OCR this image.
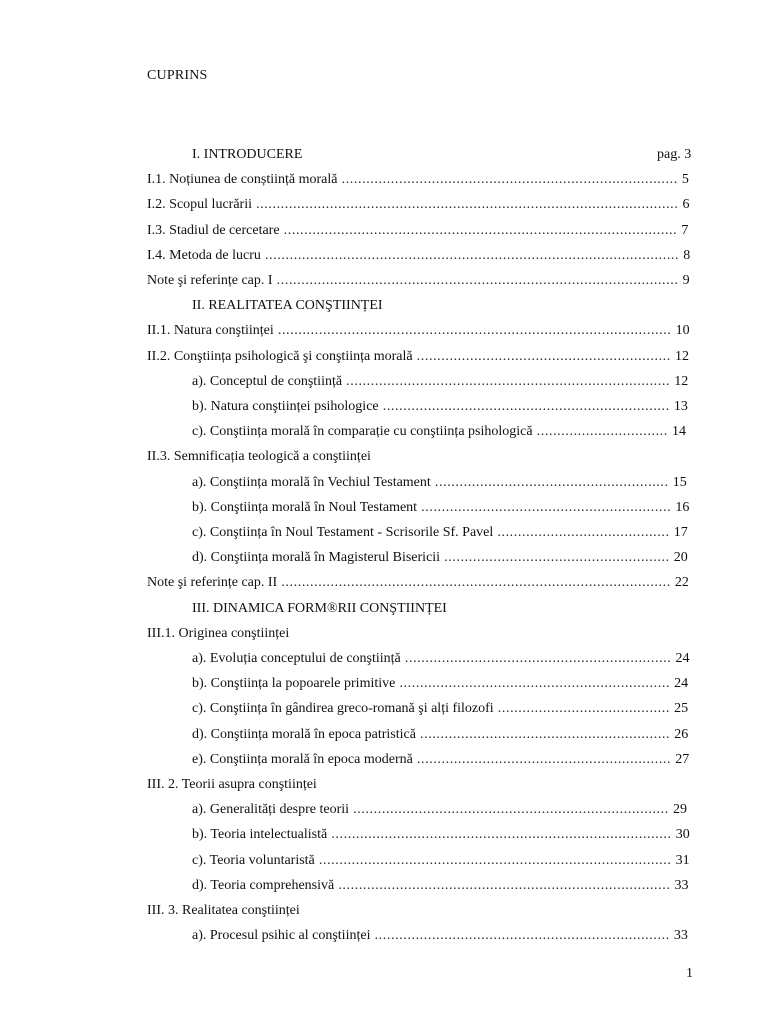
CUPRINS
pag. 3
I. INTRODUCERE
I.1. Noțiunea de conștiință morală .................................................................................. 5
I.2. Scopul lucrării ....................................................................................................... 6
I.3. Stadiul de cercetare ................................................................................................ 7
I.4. Metoda de lucru ..................................................................................................... 8
Note şi referințe cap. I .................................................................................................. 9
II. REALITATEA CONŞTIINȚEI
II.1. Natura conştiinței ................................................................................................ 10
II.2. Conştiința psihologică şi conştiința morală .............................................................. 12
a). Conceptul de conştiință ............................................................................... 12
b). Natura conştiinței psihologice ...................................................................... 13
c). Conştiința morală în comparație cu conştiința psihologică ................................ 14
II.3. Semnificația teologică a conştiinței
a). Conştiința morală în Vechiul Testament ......................................................... 15
b). Conştiința morală în Noul Testament ............................................................. 16
c). Conştiința în Noul Testament - Scrisorile Sf. Pavel .......................................... 17
d). Conştiința morală în Magisterul Bisericii ....................................................... 20
Note şi referințe cap. II ............................................................................................... 22
III. DINAMICA FORM®RII CONŞTIINȚEI
III.1. Originea conştiinței
a). Evoluția conceptului de conştiință ................................................................. 24
b). Conştiința la popoarele primitive .................................................................. 24
c). Conştiința în gândirea greco-romană şi alți filozofi .......................................... 25
d). Conştiința morală în epoca patristică ............................................................. 26
e). Conştiința morală în epoca modernă .............................................................. 27
III. 2. Teorii asupra conştiinței
a). Generalități despre teorii ............................................................................. 29
b). Teoria intelectualistă ................................................................................... 30
c). Teoria voluntaristă ...................................................................................... 31
d). Teoria comprehensivă ................................................................................. 33
III. 3. Realitatea conştiinței
a). Procesul psihic al conştiinței ........................................................................ 33
1
